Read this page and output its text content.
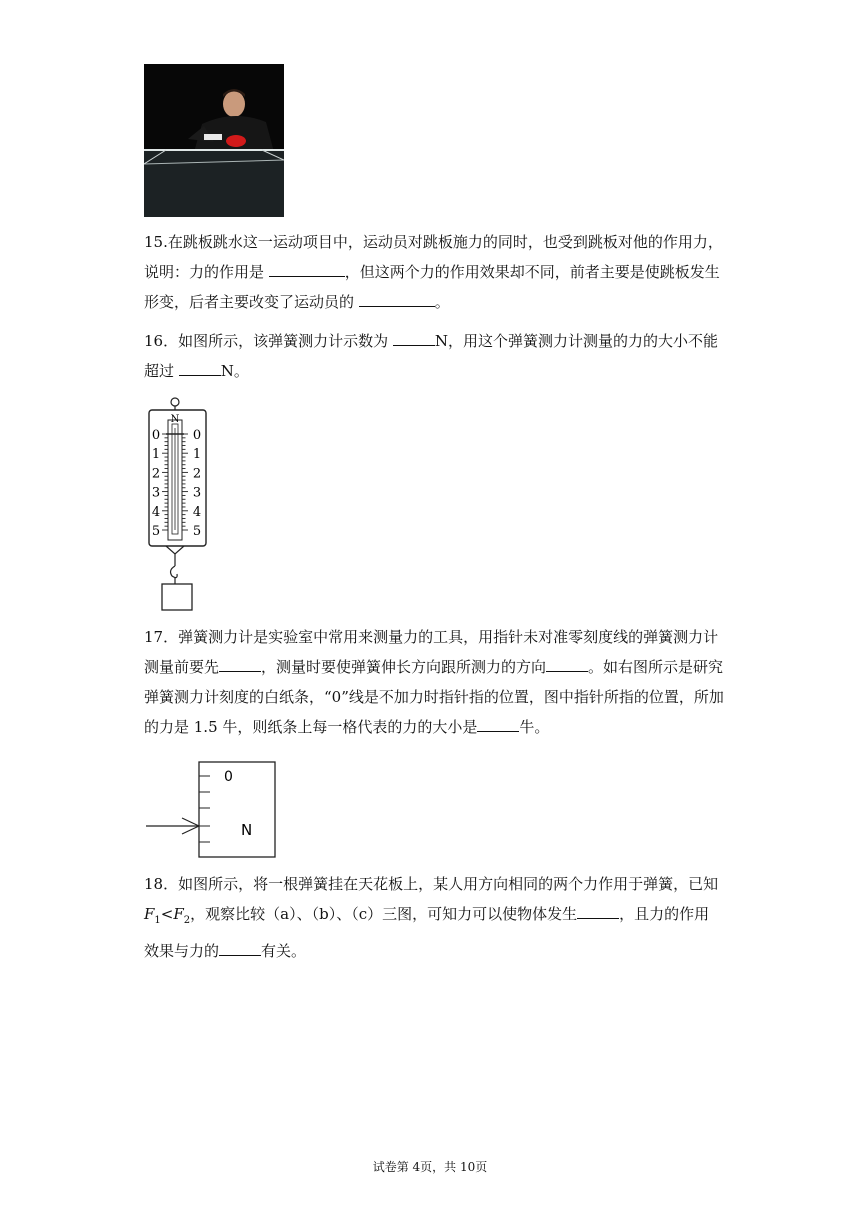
15.在跳板跳水这一运动项目中，运动员对跳板施力的同时，也受到跳板对他的作用力，说明：力的作用是	，但这两个力的作用效果却不同，前者主要是使跳板发生形变，后者主要改变了运动员的	。

16．如图所示，该弹簧测力计示数为	N，用这个弹簧测力计测量的力的大小不能超过	N。

N
0	0
1	1
2	2
3	3
4	4
5	5

17．弹簧测力计是实验室中常用来测量力的工具，用指针未对准零刻度线的弹簧测力计测量前要先	，测量时要使弹簧伸长方向跟所测力的方向	。如右图所示是研究弹簧测力计刻度的白纸条，“0”线是不加力时指针指的位置，图中指针所指的位置，所加的力是 1.5 牛，则纸条上每一格代表的力的大小是	牛。

0
N

18．如图所示，将一根弹簧挂在天花板上，某人用方向相同的两个力作用于弹簧，已知 $F_1<F_2$，观察比较（a）、（b）、（c）三图，可知力可以使物体发生	，且力的作用效果与力的	有关。

试卷第 4页，共 10页
